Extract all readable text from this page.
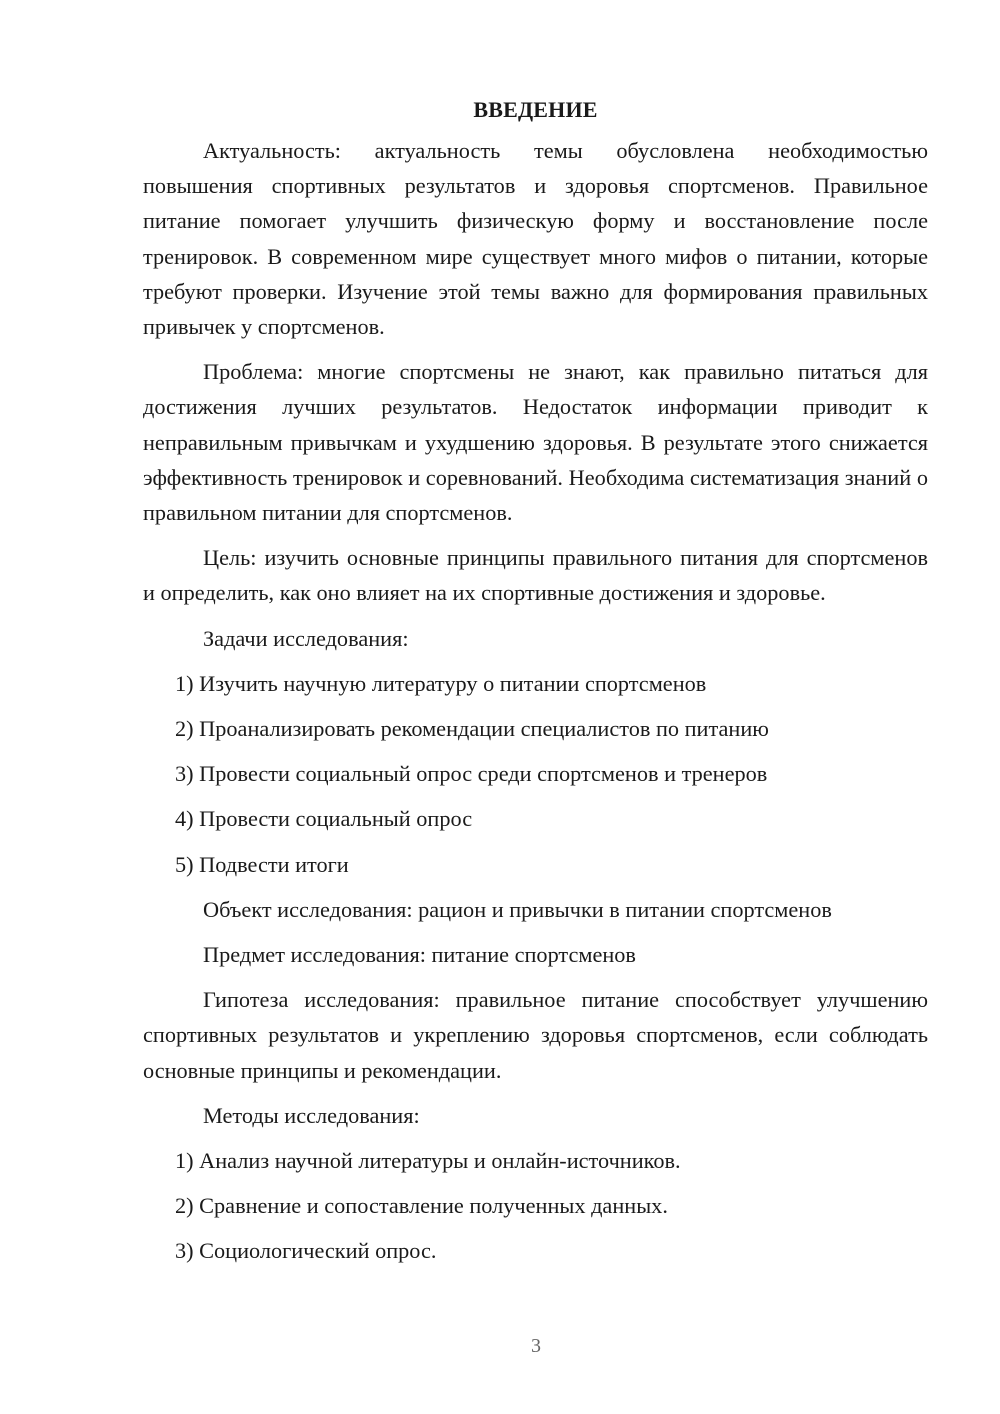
ВВЕДЕНИЕ

Актуальность: актуальность темы обусловлена необходимостью повышения спортивных результатов и здоровья спортсменов. Правильное питание помогает улучшить физическую форму и восстановление после тренировок. В современном мире существует много мифов о питании, которые требуют проверки. Изучение этой темы важно для формирования правильных привычек у спортсменов.

Проблема: многие спортсмены не знают, как правильно питаться для достижения лучших результатов. Недостаток информации приводит к неправильным привычкам и ухудшению здоровья. В результате этого снижается эффективность тренировок и соревнований. Необходима систематизация знаний о правильном питании для спортсменов.

Цель: изучить основные принципы правильного питания для спортсменов и определить, как оно влияет на их спортивные достижения и здоровье.

Задачи исследования:

1) Изучить научную литературу о питании спортсменов

2) Проанализировать рекомендации специалистов по питанию

3) Провести социальный опрос среди спортсменов и тренеров

4) Провести социальный опрос

5) Подвести итоги

Объект исследования: рацион и привычки в питании спортсменов

Предмет исследования: питание спортсменов

Гипотеза исследования: правильное питание способствует улучшению спортивных результатов и укреплению здоровья спортсменов, если соблюдать основные принципы и рекомендации.

Методы исследования:

1) Анализ научной литературы и онлайн-источников.

2) Сравнение и сопоставление полученных данных.

3) Социологический опрос.

3
